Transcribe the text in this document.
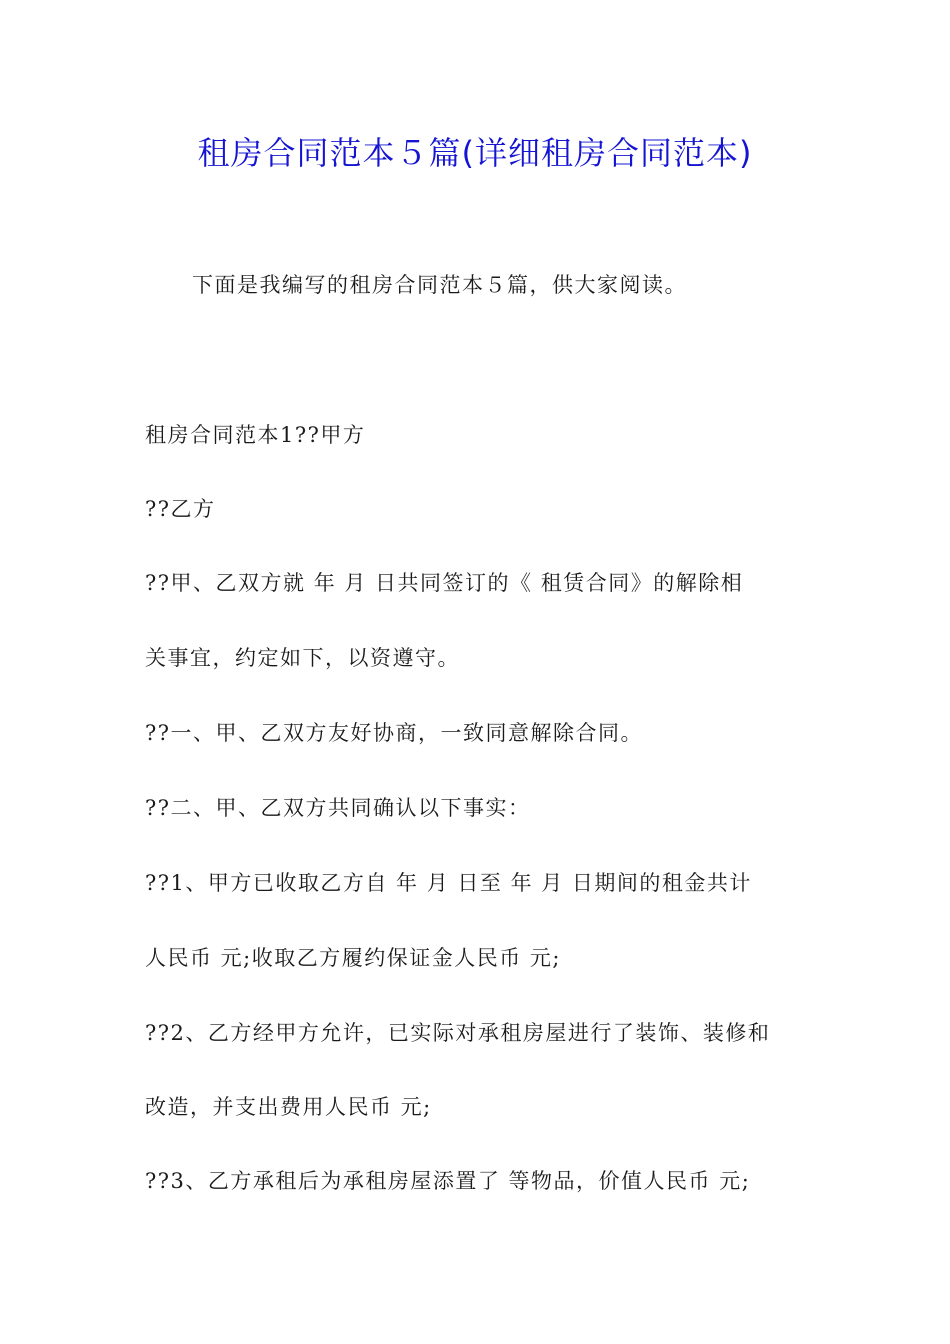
租房合同范本５篇(详细租房合同范本)
下面是我编写的租房合同范本５篇，供大家阅读。
租房合同范本1??甲方
??乙方
??甲、乙双方就 年 月 日共同签订的《 租赁合同》的解除相
关事宜，约定如下，以资遵守。
??一、甲、乙双方友好协商，一致同意解除合同。
??二、甲、乙双方共同确认以下事实：
??1、甲方已收取乙方自 年 月 日至 年 月 日期间的租金共计
人民币 元;收取乙方履约保证金人民币 元;
??2、乙方经甲方允许，已实际对承租房屋进行了装饰、装修和
改造，并支出费用人民币 元;
??3、乙方承租后为承租房屋添置了 等物品，价值人民币 元;
